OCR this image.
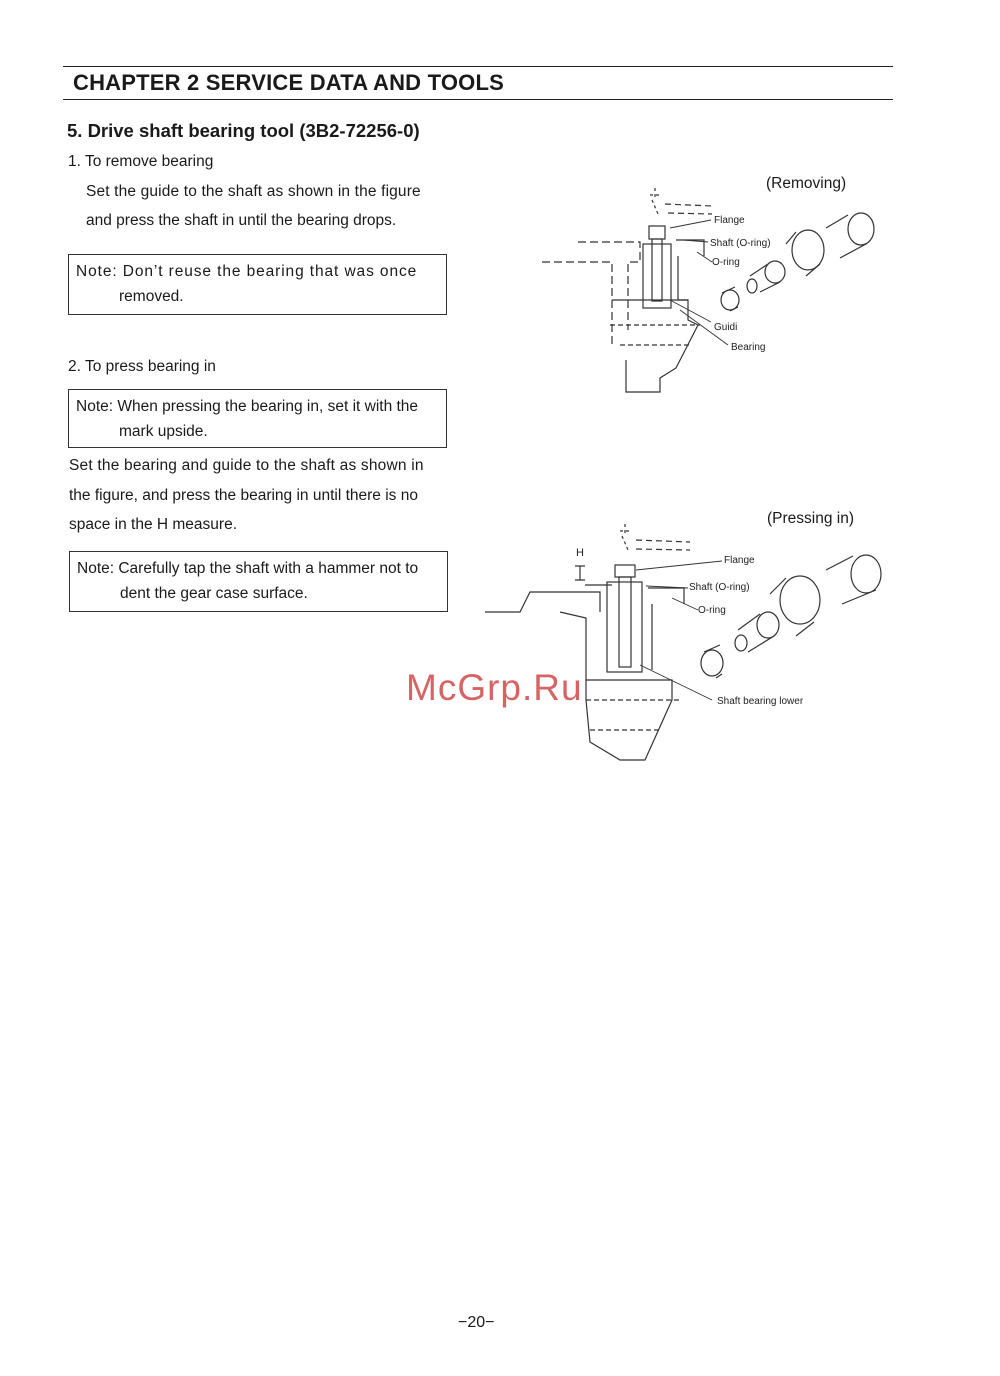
CHAPTER 2 SERVICE DATA AND TOOLS
5. Drive shaft bearing tool (3B2-72256-0)
1. To remove bearing
Set the guide to the shaft as shown in the figure
and press the shaft in until the bearing drops.
Note: Don’t reuse the bearing that was once
removed.
2. To press bearing in
Note: When pressing the bearing in, set it with the
mark upside.
Set the bearing and guide to the shaft as shown in
the figure, and press the bearing in until there is no
space in the H measure.
Note: Carefully tap the shaft with a hammer not to
dent the gear case surface.
(Removing)
Flange
Shaft (O-ring)
O-ring
Guidi
Bearing
(Pressing in)
H
Flange
Shaft (O-ring)
O-ring
Shaft bearing lower
McGrp.Ru
−20−
